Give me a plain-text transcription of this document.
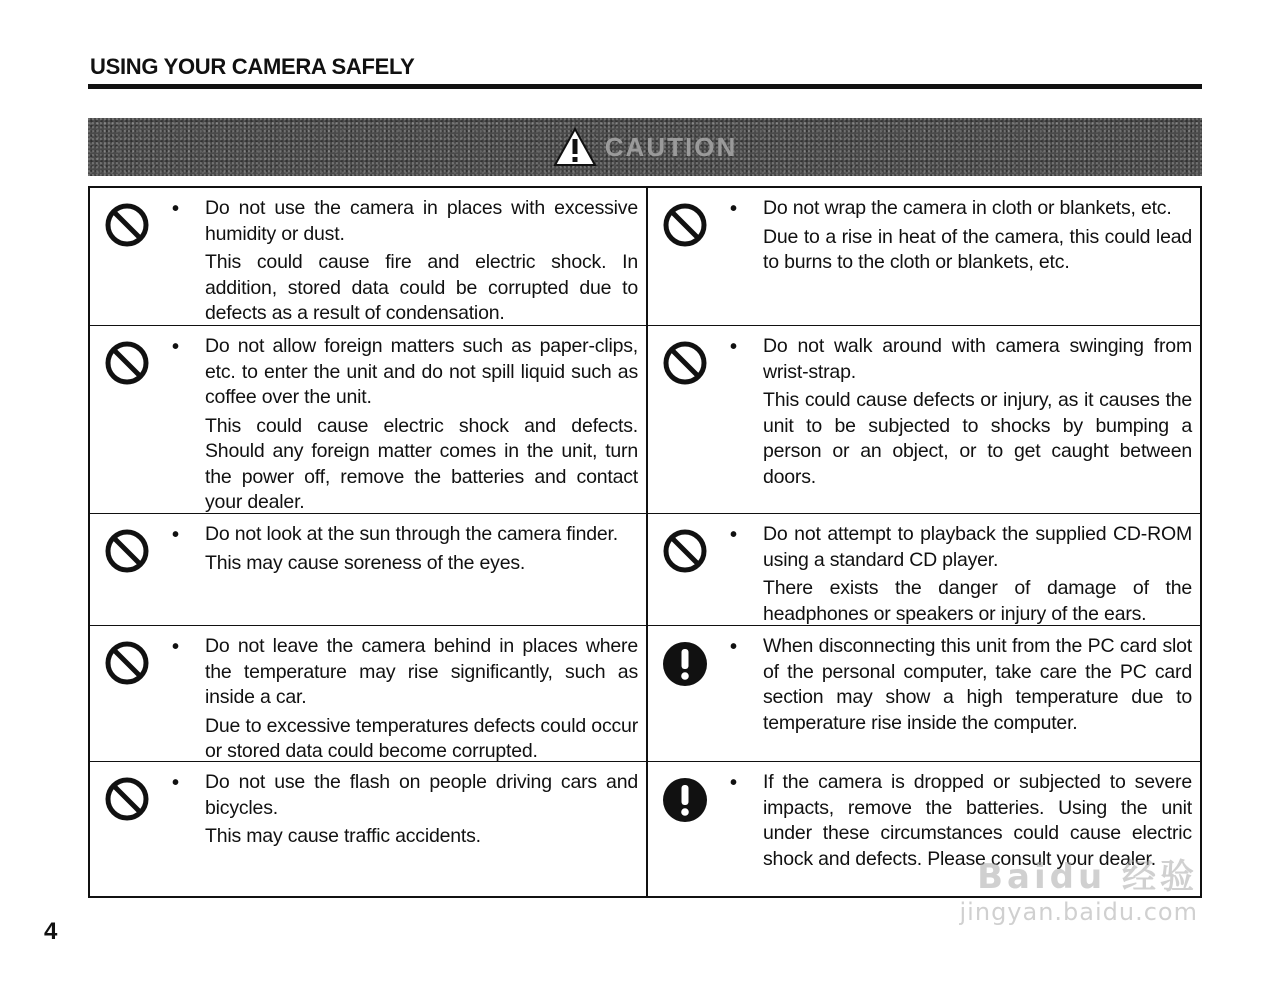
USING YOUR CAMERA SAFELY
CAUTION
• Do not use the camera in places with excessive humidity or dust.

This could cause fire and electric shock. In addition, stored data could be corrupted due to defects as a result of condensation.

• Do not wrap the camera in cloth or blankets, etc.

Due to a rise in heat of the camera, this could lead to burns to the cloth or blankets, etc.

• Do not allow foreign matters such as paper-clips, etc. to enter the unit and do not spill liquid such as coffee over the unit.

This could cause electric shock and defects. Should any foreign matter comes in the unit, turn the power off, remove the batteries and contact your dealer.

• Do not walk around with camera swinging from wrist-strap.

This could cause defects or injury, as it causes the unit to be subjected to shocks by bumping a person or an object, or to get caught between doors.

• Do not look at the sun through the camera finder.

This may cause soreness of the eyes.

• Do not attempt to playback the supplied CD-ROM using a standard CD player.

There exists the danger of damage of the headphones or speakers or injury of the ears.

• Do not leave the camera behind in places where the temperature may rise significantly, such as inside a car.

Due to excessive temperatures defects could occur or stored data could become corrupted.

• When disconnecting this unit from the PC card slot of the personal computer, take care the PC card section may show a high temperature due to temperature rise inside the computer.

• Do not use the flash on people driving cars and bicycles.

This may cause traffic accidents.

• If the camera is dropped or subjected to severe impacts, remove the batteries. Using the unit under these circumstances could cause electric shock and defects. Please consult your dealer.

4
Baidu 经验
jingyan.baidu.com
